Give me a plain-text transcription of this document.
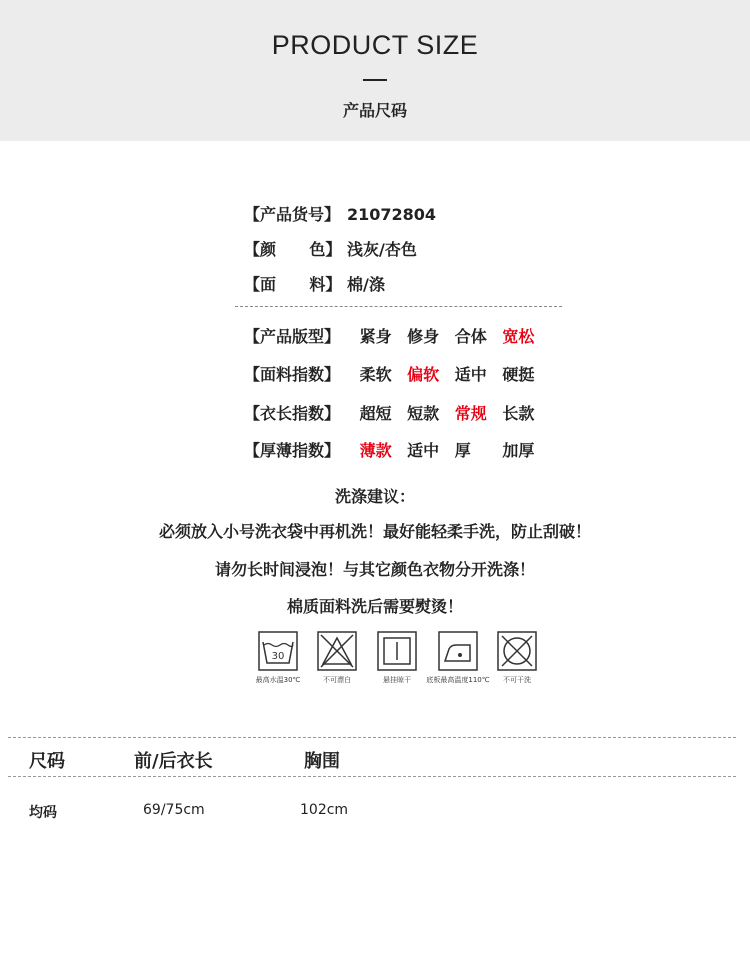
PRODUCT SIZE
产品尺码
【产品货号】 21072804
【颜      色】 浅灰/杏色
【面      料】 棉/涤
【产品版型】 紧身 修身 合体 宽松
【面料指数】 柔软 偏软 适中 硬挺
【衣长指数】 超短 短款 常规 长款
【厚薄指数】 薄款 适中 厚 加厚
洗涤建议：
必须放入小号洗衣袋中再机洗！最好能轻柔手洗，防止刮破！
请勿长时间浸泡！与其它颜色衣物分开洗涤！
棉质面料洗后需要熨烫！
30
最高水温30℃	不可漂白	悬挂晾干	底板最高温度110℃	不可干洗
尺码	前/后衣长	胸围
均码	69/75cm	102cm
